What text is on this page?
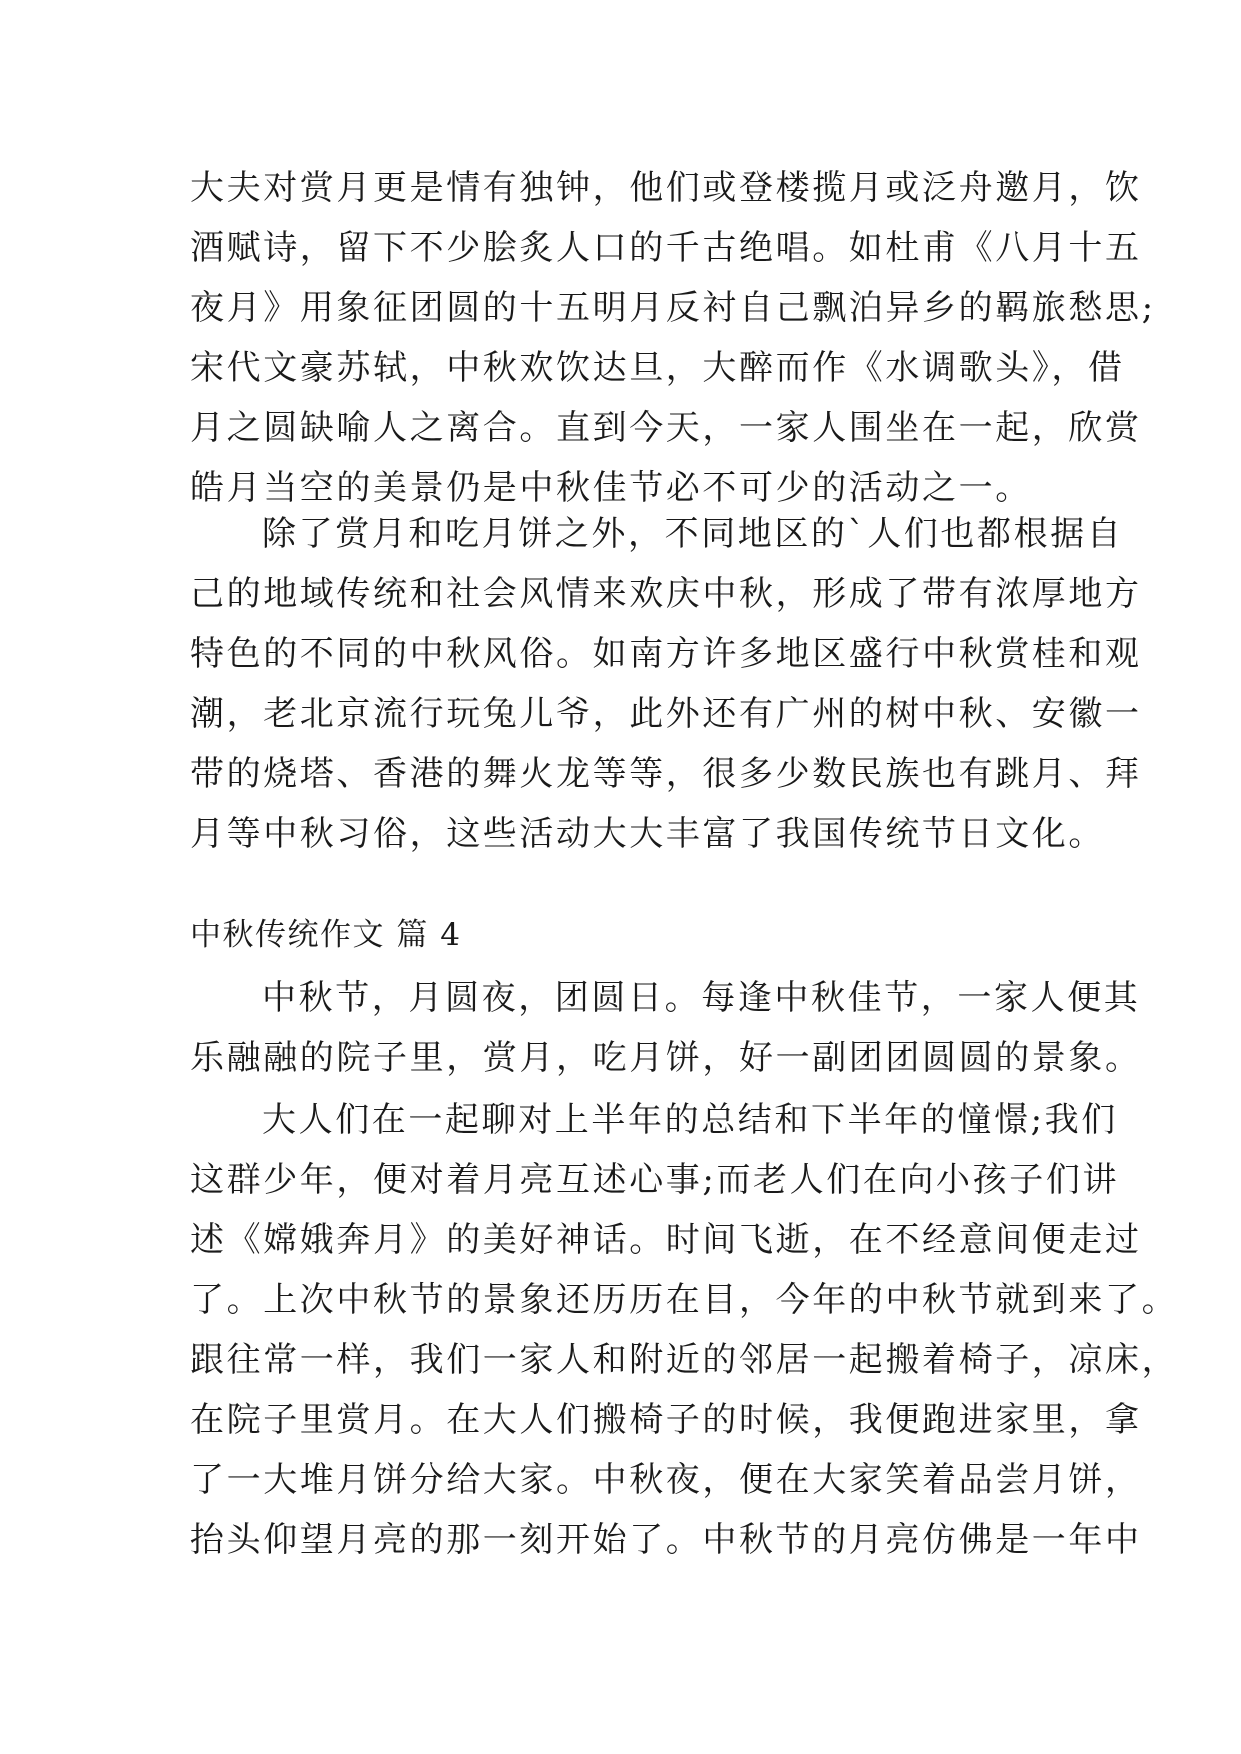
大夫对赏月更是情有独钟，他们或登楼揽月或泛舟邀月，饮
酒赋诗，留下不少脍炙人口的千古绝唱。如杜甫《八月十五
夜月》用象征团圆的十五明月反衬自己飘泊异乡的羁旅愁思;
宋代文豪苏轼，中秋欢饮达旦，大醉而作《水调歌头》，借
月之圆缺喻人之离合。直到今天，一家人围坐在一起，欣赏
皓月当空的美景仍是中秋佳节必不可少的活动之一。
除了赏月和吃月饼之外，不同地区的`人们也都根据自
己的地域传统和社会风情来欢庆中秋，形成了带有浓厚地方
特色的不同的中秋风俗。如南方许多地区盛行中秋赏桂和观
潮，老北京流行玩兔儿爷，此外还有广州的树中秋、安徽一
带的烧塔、香港的舞火龙等等，很多少数民族也有跳月、拜
月等中秋习俗，这些活动大大丰富了我国传统节日文化。
中秋传统作文 篇 4
中秋节，月圆夜，团圆日。每逢中秋佳节，一家人便其
乐融融的院子里，赏月，吃月饼，好一副团团圆圆的景象。
大人们在一起聊对上半年的总结和下半年的憧憬;我们
这群少年，便对着月亮互述心事;而老人们在向小孩子们讲
述《嫦娥奔月》的美好神话。时间飞逝，在不经意间便走过
了。上次中秋节的景象还历历在目，今年的中秋节就到来了。
跟往常一样，我们一家人和附近的邻居一起搬着椅子，凉床，
在院子里赏月。在大人们搬椅子的时候，我便跑进家里，拿
了一大堆月饼分给大家。中秋夜，便在大家笑着品尝月饼，
抬头仰望月亮的那一刻开始了。中秋节的月亮仿佛是一年中
